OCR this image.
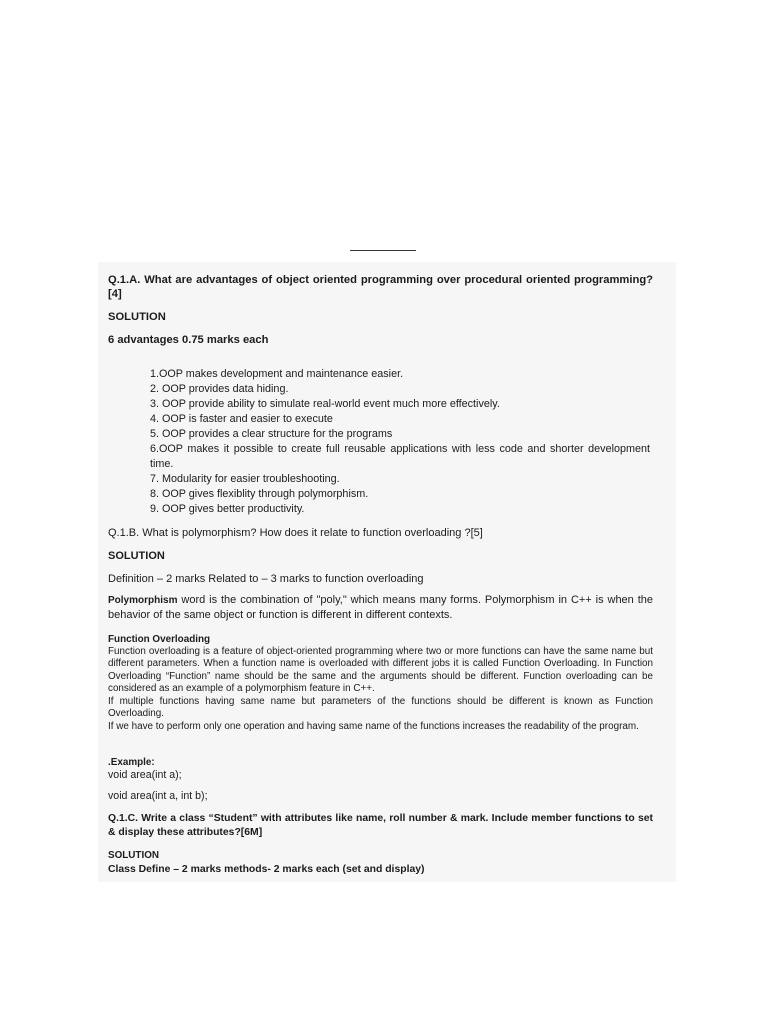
Q.1.A. What are advantages of object oriented programming over procedural oriented programming?[4]
SOLUTION
6 advantages 0.75 marks each
1.OOP makes development and maintenance easier.
2. OOP provides data hiding.
3. OOP provide ability to simulate real-world event much more effectively.
4. OOP is faster and easier to execute
5. OOP provides a clear structure for the programs
6.OOP makes it possible to create full reusable applications with less code and shorter development time.
7. Modularity for easier troubleshooting.
8. OOP gives flexiblity through polymorphism.
9. OOP gives better productivity.
Q.1.B. What is polymorphism? How does it relate to function overloading ?[5]
SOLUTION
Definition – 2 marks Related to – 3 marks to function overloading
Polymorphism word is the combination of "poly," which means many forms. Polymorphism in C++ is when the behavior of the same object or function is different in different contexts.
Function Overloading
Function overloading is a feature of object-oriented programming where two or more functions can have the same name but different parameters. When a function name is overloaded with different jobs it is called Function Overloading. In Function Overloading “Function” name should be the same and the arguments should be different. Function overloading can be considered as an example of a polymorphism feature in C++.
If multiple functions having same name but parameters of the functions should be different is known as Function Overloading.
If we have to perform only one operation and having same name of the functions increases the readability of the program.
.Example:
void area(int a);
void area(int a, int b);
Q.1.C. Write a class “Student” with attributes like name, roll number & mark. Include member functions to set & display these attributes?[6M]
SOLUTION
Class Define – 2 marks methods- 2 marks each (set and display)
